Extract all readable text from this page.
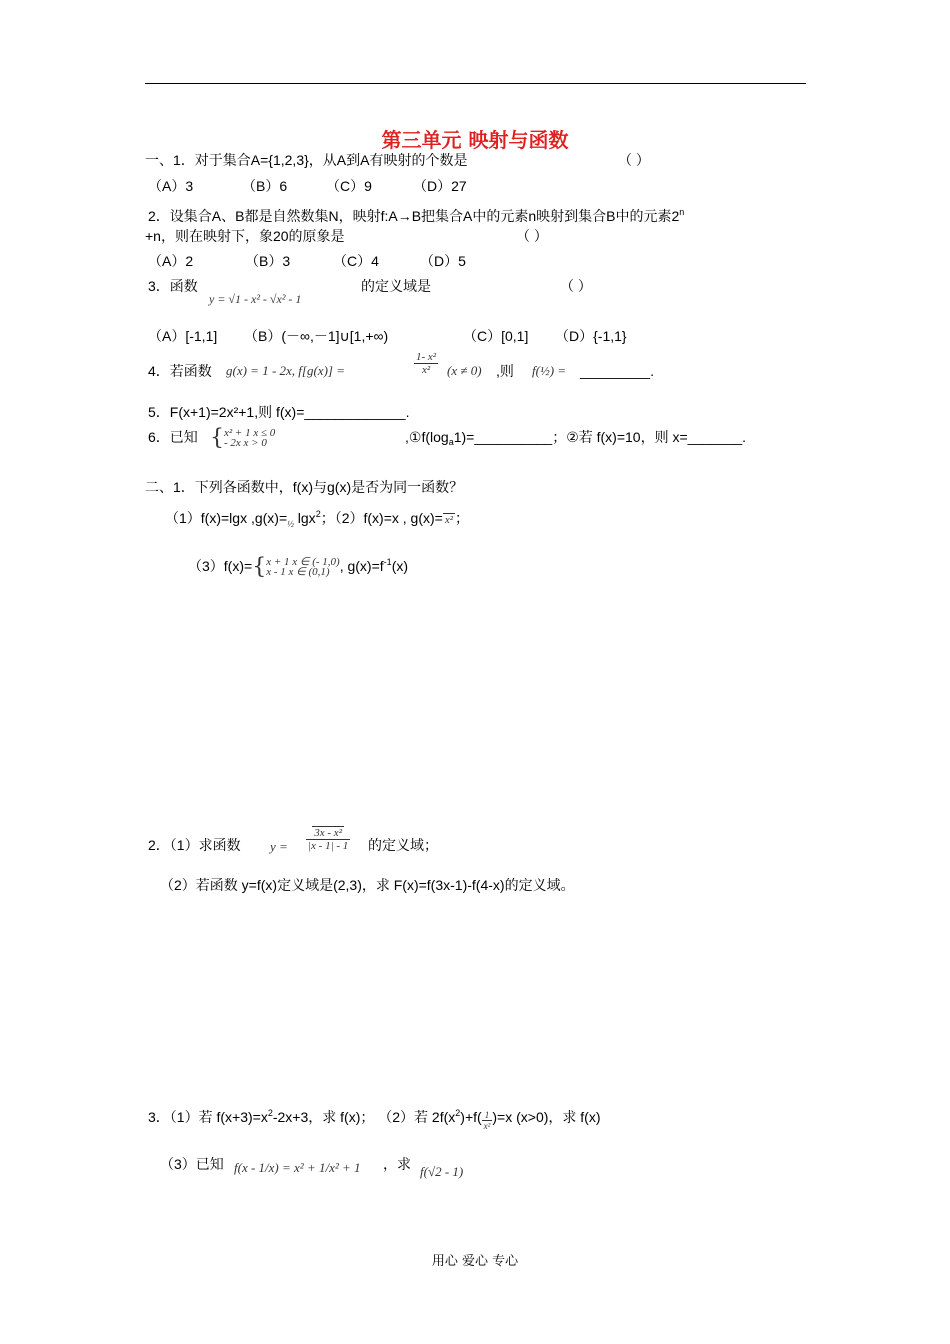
第三单元 映射与函数
一、1．对于集合A={1,2,3}，从A到A有映射的个数是	（ ）
（A）3	（B）6	（C）9	（D）27
2．设集合A、B都是自然数集N，映射f:A→B把集合A中的元素n映射到集合B中的元素$2^n$
+n，则在映射下，象20的原象是	（ ）
（A）2	（B）3	（C）4	（D）5
3．函数
y = √1 - x² - √x² - 1
的定义域是	（ ）
（A）[-1,1] （B）(－∞,－1]∪[1,+∞)	（C）[0,1] （D）{-1,1}
4．若函数 g(x) = 1 - 2x, f[g(x)] =	$\frac{\text{1- x²}}{\text{x²}} (x \ne 0)$ ,则 f(½) = _________.
5．F(x+1)=2x²+1,则 f(x)=_____________.
6．已知 {x² + 1 x ≤ 0
- 2x x > 0	$,①f(\log_a1)=\_\_\_\_\_\_\_\_\_\_$；②若 f(x)=10，则 x=_______.
二、1．下列各函数中，f(x)与g(x)是否为同一函数？
（1）f(x)=lgx ,g(x)=½ lgx$^2$；（2）f(x)=x , g(x)= x² ；
（3）f(x)={x + 1 x ∈ (- 1,0)
x - 1 x ∈ (0,1) , $g(x)=f^{-1}(x)$
2．（1）求函数 $y = \frac{\text{3x - x²}}{|x - 1| - 1}$ 的定义域；
（2）若函数 y=f(x)定义域是(2,3)，求 F(x)=f(3x-1)-f(4-x)的定义域。
3．（1）若 $f(x+3)=x^2-2x+3$，求 f(x)； （2）若 $2f(x^2)+f( \frac{1}{\text{x²}} )=x$ (x>0)，求 f(x)
（3）已知 f(x - 1/x) = x² + 1/x² + 1 ，求 f(√2 - 1)
用心 爱心 专心
